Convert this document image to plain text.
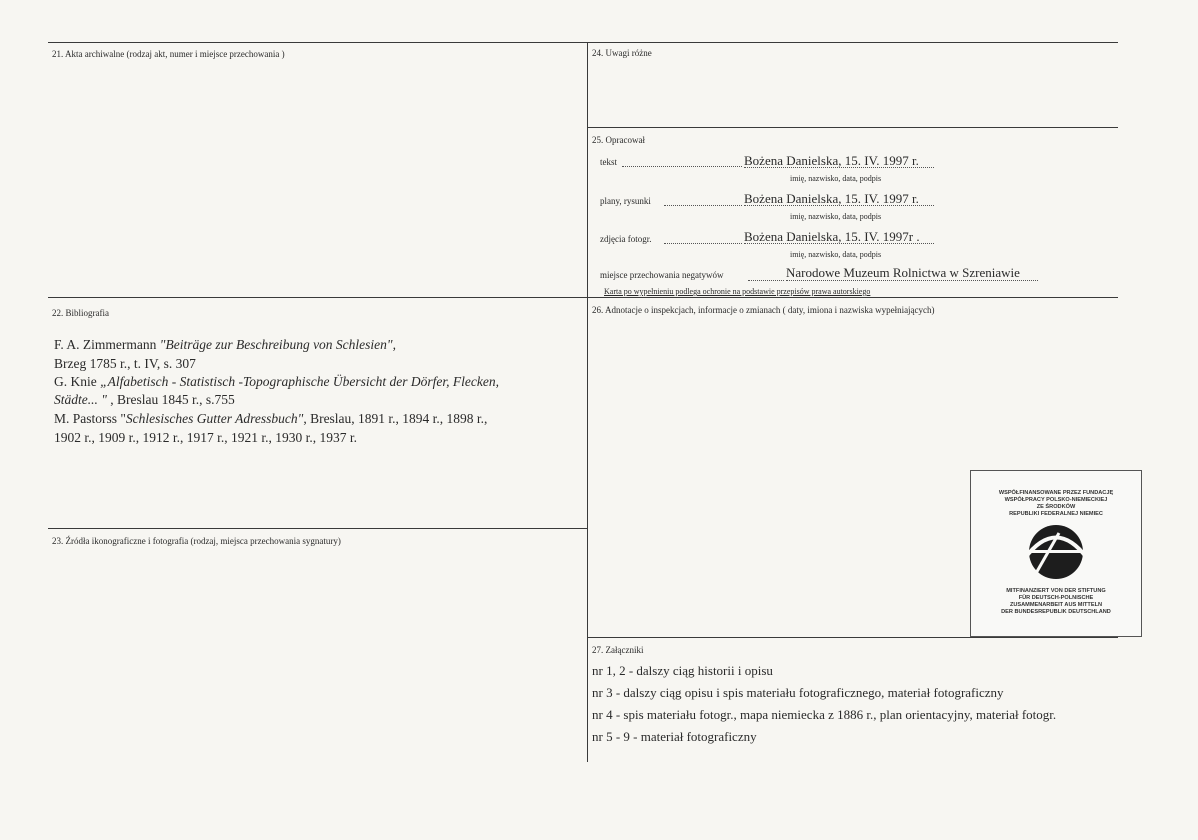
21. Akta archiwalne (rodzaj akt, numer i miejsce przechowania )	24. Uwagi różne
25. Opracował
tekst	Bożena Danielska, 15. IV. 1997 r.
imię, nazwisko, data, podpis
plany, rysunki	Bożena Danielska, 15. IV. 1997 r.
imię, nazwisko, data, podpis
zdjęcia fotogr.	Bożena Danielska, 15. IV. 1997r .
imię, nazwisko, data, podpis
miejsce przechowania negatywów	Narodowe Muzeum Rolnictwa w Szreniawie
Karta po wypełnieniu podlega ochronie na podstawie przepisów prawa autorskiego
22. Bibliografia
F. A. Zimmermann "Beiträge zur Beschreibung von Schlesien",
Brzeg 1785 r., t. IV, s. 307
G. Knie „Alfabetisch - Statistisch -Topographische Übersicht der Dörfer, Flecken,
Städte... " , Breslau 1845 r., s.755
M. Pastorss "Schlesisches Gutter Adressbuch", Breslau, 1891 r., 1894 r., 1898 r.,
1902 r., 1909 r., 1912 r., 1917 r., 1921 r., 1930 r., 1937 r.
26. Adnotacje o inspekcjach, informacje o zmianach ( daty, imiona i nazwiska wypełniających)
WSPÓŁFINANSOWANE PRZEZ FUNDACJĘ
WSPÓŁPRACY POLSKO-NIEMIECKIEJ
ZE ŚRODKÓW
REPUBLIKI FEDERALNEJ NIEMIEC
MITFINANZIERT VON DER STIFTUNG
FÜR DEUTSCH-POLNISCHE
ZUSAMMENARBEIT AUS MITTELN
DER BUNDESREPUBLIK DEUTSCHLAND
23. Źródła ikonograficzne i fotografia (rodzaj, miejsca przechowania sygnatury)
27. Załączniki
nr 1, 2 - dalszy ciąg historii i opisu
nr 3 - dalszy ciąg opisu i spis materiału fotograficznego, materiał fotograficzny
nr 4 - spis materiału fotogr., mapa niemiecka z 1886 r., plan orientacyjny, materiał fotogr.
nr 5 - 9 - materiał fotograficzny
